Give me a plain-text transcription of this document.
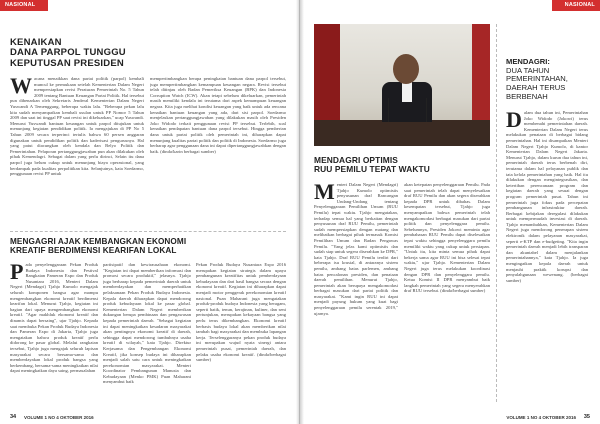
NASIONAL
KENAIKAN
DANA PARPOL TUNGGU
KEPUTUSAN PRESIDEN
W acana menaikkan dana partai politik (parpol) kembali muncul ke permukaan setelah Kementerian Dalam Negeri mempersiapkan revisi Peraturan Pemerintah No. 5 Tahun 2009 tentang Bantuan Keuangan Partai Politik. Hal tersebut pun dibenarkan oleh Sekretaris Jenderal Kementerian Dalam Negeri Yuswandi A Temenggung, beberapa waktu lalu. "Beberapa pekan lalu kita sudah menyampaikan kembali usulan untuk PP Nomor 5 Tahun 2009 dan saat ini tinggal PP saat revisi ini dikeluarkan," ucap Yuswandi. Menurut Yuswandi bantuan keuangan untuk parpol ditujukan untuk menunjang kegiatan pendidikan politik. Ia mengajukan di PP No 5 Tahun 2009 secara terperinci tertulis bahwa 60 persen anggaran digunakan untuk pendidikan politik dan kaderisasi pengurusnya. Hal yang patut diacungkan oleh kendala dan Belyo Politik dan Pemerintahan. Pelaporan pertanggungjawaban pun akan dilakukan oleh pihak Kemendagri. Sebagai dalam yang perlu dirinci, Selain itu dana parpol juga belum cukup untuk menunjang biaya operasional, yang berdampak pada kualitas perpolitikan kita. Selanjutnya, kata Soedarmo, penggunaan revisi PP untuk
mempertimbangkan berapa peningkatan bantuan dana parpol tersebut, juga mempertimbangkan kemampuan keuangan negara. Revisi tersebut telah ditinjau oleh Badan Pemeriksa Keuangan (BPK) dan Indonesia Corruption Watch (ICW). Akan tetapi sebelum dikeluarkan, pemerintah masih memiliki kendala ini terutama dari aspek kemampuan keuangan negara. Kita juga melihat kondisi keuangan yang baik untuk ada rencana kenaikan bantuan keuangan yang ada, dari sisi parpol. Soedarmo menjelaskan pertanggungjawaban yang dilakukan masih oleh Presiden Joko Widodo terkait penggunaan revisi PP tersebut. Terlebih, soal kenaikan pendapatan bantuan dana parpol tersebut. Hingga pemberian dana untuk partai politik oleh pemerintah ini, diharapkan dapat menunjang kualitas partai politik dan politik di Indonesia. Soedarmo juga berharap agar penggunaan dana ini dapat dipertanggungjawabkan dengan baik. (dinda/karin berbagai sumber)
MENGAGRI AJAK KEMBANGKAN EKONOMI
KREATIF BERDIMENSI KEARIFAN LOKAL
P ada penyelenggaraan Pekan Produk Budaya Indonesia dan Festival Rangkaian Pameran Expo dan Produk Nusantara 2016, Menteri Dalam Negeri (Mendagri) Tjahjo Kumolo mengajak seluruh komponen bangsa agar mampu mengembangkan ekonomi kreatif berdimensi kearifan lokal. Menurut Tjahjo, kegiatan ini bagian dari upaya mengembangkan ekonomi kreatif. "Agar makhluk ekonomi kreatif dan dinamis dapat bersaing", ujar Tjahjo. Kepada saat membuka Pekan Produk Budaya Indonesia dan Pameran Expo di Jakarta, Tjahjo juga mengatakan bahwa produk kreatif perlu didorong ke pasar global. Melalui rangkaian tersebut, Tjahjo juga mengajak seluruh lapisan masyarakat secara bersama-sama dan memberdayakan lokal produk bangsa yang berkembang, bersama-sama meningkatkan nilai dapat meningkatkan daya saing, permasalahan
partisipatif dan kewirausahaan ekonomi. "Kegiatan ini dapat memberikan informasi dan promosi secara produktif," jelasnya. Tjahjo juga berharap kepada pemerintah daerah untuk memberdayakan dan memperhatikan pelaksanaan Pekan Produk Budaya Indonesia. Kepala daerah diharapkan dapat mendorong produk kebudayaan lokal ke pasar global. Kementerian Dalam Negeri memberikan dukungan berupa pembinaan dan pengawasan kepada pemerintah daerah. "Sebagai kegiatan ini dapat meningkatkan kesadaran masyarakat akan pentingnya ekonomi kreatif di daerah, sehingga dapat mendorong tumbuhnya usaha kreatif di wilayah," kata Tjahjo. Direktur Kerjasama dan Pengembangan Ekonomi Kreatif, jika konsep budaya ini diharapkan menjadi salah satu cara untuk meningkatkan perekonomian masyarakat. Menteri Koordinator Pembangunan Manusia dan Kebudayaan (Menko PMK) Puan Maharani menyambut baik
Pekan Produk Budaya Nusantara Expo 2016 merupakan kegiatan strategis dalam upaya pembangunan kreatifitas untuk pemberdayaan kebudayaan dan dari hasil bangsa secara dengan ekonomi kreatif. Kegiatan ini diharapkan dapat menjadi motor penggerak perekonomian kreatif nasional. Puan Maharani juga mengatakan produk-produk budaya Indonesia yang beragam, seperti batik, tenun, kerajinan, kuliner, dan seni pertunjukan, merupakan kekayaan bangsa yang perlu terus dikembangkan. Ekonomi kreatif berbasis budaya lokal akan memberikan nilai tambah bagi masyarakat dan membuka lapangan kerja. Terselenggaranya pekan produk budaya ini merupakan wujud nyata sinergi antara pemerintah pusat, pemerintah daerah, dan pelaku usaha ekonomi kreatif. (dinda/berbagai sumber)
34 VOLUME 1 NO 4 OKTOBER 2016
NASIONAL
MENDAGRI:
DUA TAHUN
PEMERINTAHAN,
DAERAH TERUS
BERBENAH
D alam dua tahun ini, Pemerintahan Joko Widodo (Jokowi) terus membenahi pemerintahan daerah. Kementerian Dalam Negeri terus melakukan penataan di berbagai bidang pemerintahan. Hal ini disampaikan Menteri Dalam Negeri Tjahjo Kumolo, di kantor Kementerian Dalam Negeri Jakarta. Menurut Tjahjo, dalam kurun dua tahun ini, pemerintah daerah terus berbenah diri, terutama dalam hal pelayanan publik dan tata kelola pemerintahan yang baik. Hal itu dilakukan dengan mengintegrasikan, dan ketertiban perencanaan program dan kegiatan daerah yang sesuai dengan program pemerintah pusat. Tahun ini pemerintah juga fokus pada percepatan pembangunan infrastruktur daerah. Berbagai kebijakan deregulasi dilakukan untuk mempermudah investasi di daerah. Tjahjo menambahkan, Kementerian Dalam Negeri juga mendorong penerapan sistem elektronik dalam pelayanan masyarakat, seperti e-KTP dan e-budgeting. "Kita ingin pemerintah daerah menjadi lebih transparan dan akuntabel dalam menjalankan pemerintahannya," kata Tjahjo. Ia juga mengingatkan kepala daerah untuk menjauhi praktik korupsi dan penyalahgunaan wewenang. (berbagai sumber)
MENDAGRI OPTIMIS
RUU PEMILU TEPAT WAKTU
M enteri Dalam Negeri (Mendagri) Tjahjo Kumolo optimistis penyusunan draf Rancangan Undang-Undang tentang Penyelenggaraan Pemilihan Umum (RUU Pemilu) tepat waktu. Tjahjo mengatakan, terhadap semua hal yang berkaitan dengan penyusunan draf RUU Pemilu, pemerintah sudah mempersiapkan dengan matang dan melibatkan berbagai pihak termasuk Komisi Pemilihan Umum dan Badan Pengawas Pemilu. "Yang jelas kami optimistis dan sudah siap untuk segera diserahkan ke DPR," kata Tjahjo. Draf RUU Pemilu terdiri dari beberapa isu krusial, di antaranya sistem pemilu, ambang batas parlemen, ambang batas pencalonan presiden, dan penataan daerah pemilihan. Menurut Tjahjo, pemerintah akan berupaya mengakomodasi berbagai masukan dari partai politik dan masyarakat. "Kami ingin RUU ini dapat menjadi payung hukum yang kuat bagi penyelenggaraan pemilu serentak 2019," ujarnya.
akan ketepatan penyelenggaraan Pemilu. Pada saat pemerintah telah dapat menyelesaikan draf RUU Pemilu dan akan segera diserahkan kepada DPR untuk dibahas. Dalam kesempatan tersebut, Tjahjo juga menyampaikan bahwa pemerintah telah mengakomodasi berbagai masukan dari partai politik dan penyelenggara pemilu. Sebelumnya, Presiden Jokowi meminta agar pembahasan RUU Pemilu dapat diselesaikan tepat waktu sehingga penyelenggara pemilu memiliki waktu yang cukup untuk persiapan. "Untuk itu, kita minta semua pihak dapat bekerja sama agar RUU ini bisa selesai tepat waktu," ujar Tjahjo. Kementerian Dalam Negeri juga terus melakukan koordinasi dengan DPR dan penyelenggara pemilu. Ketua Komisi II DPR menyambut baik langkah pemerintah yang segera menyerahkan draf RUU tersebut. (dinda/berbagai sumber)
VOLUME 1 NO 4 OKTOBER 2016 35
